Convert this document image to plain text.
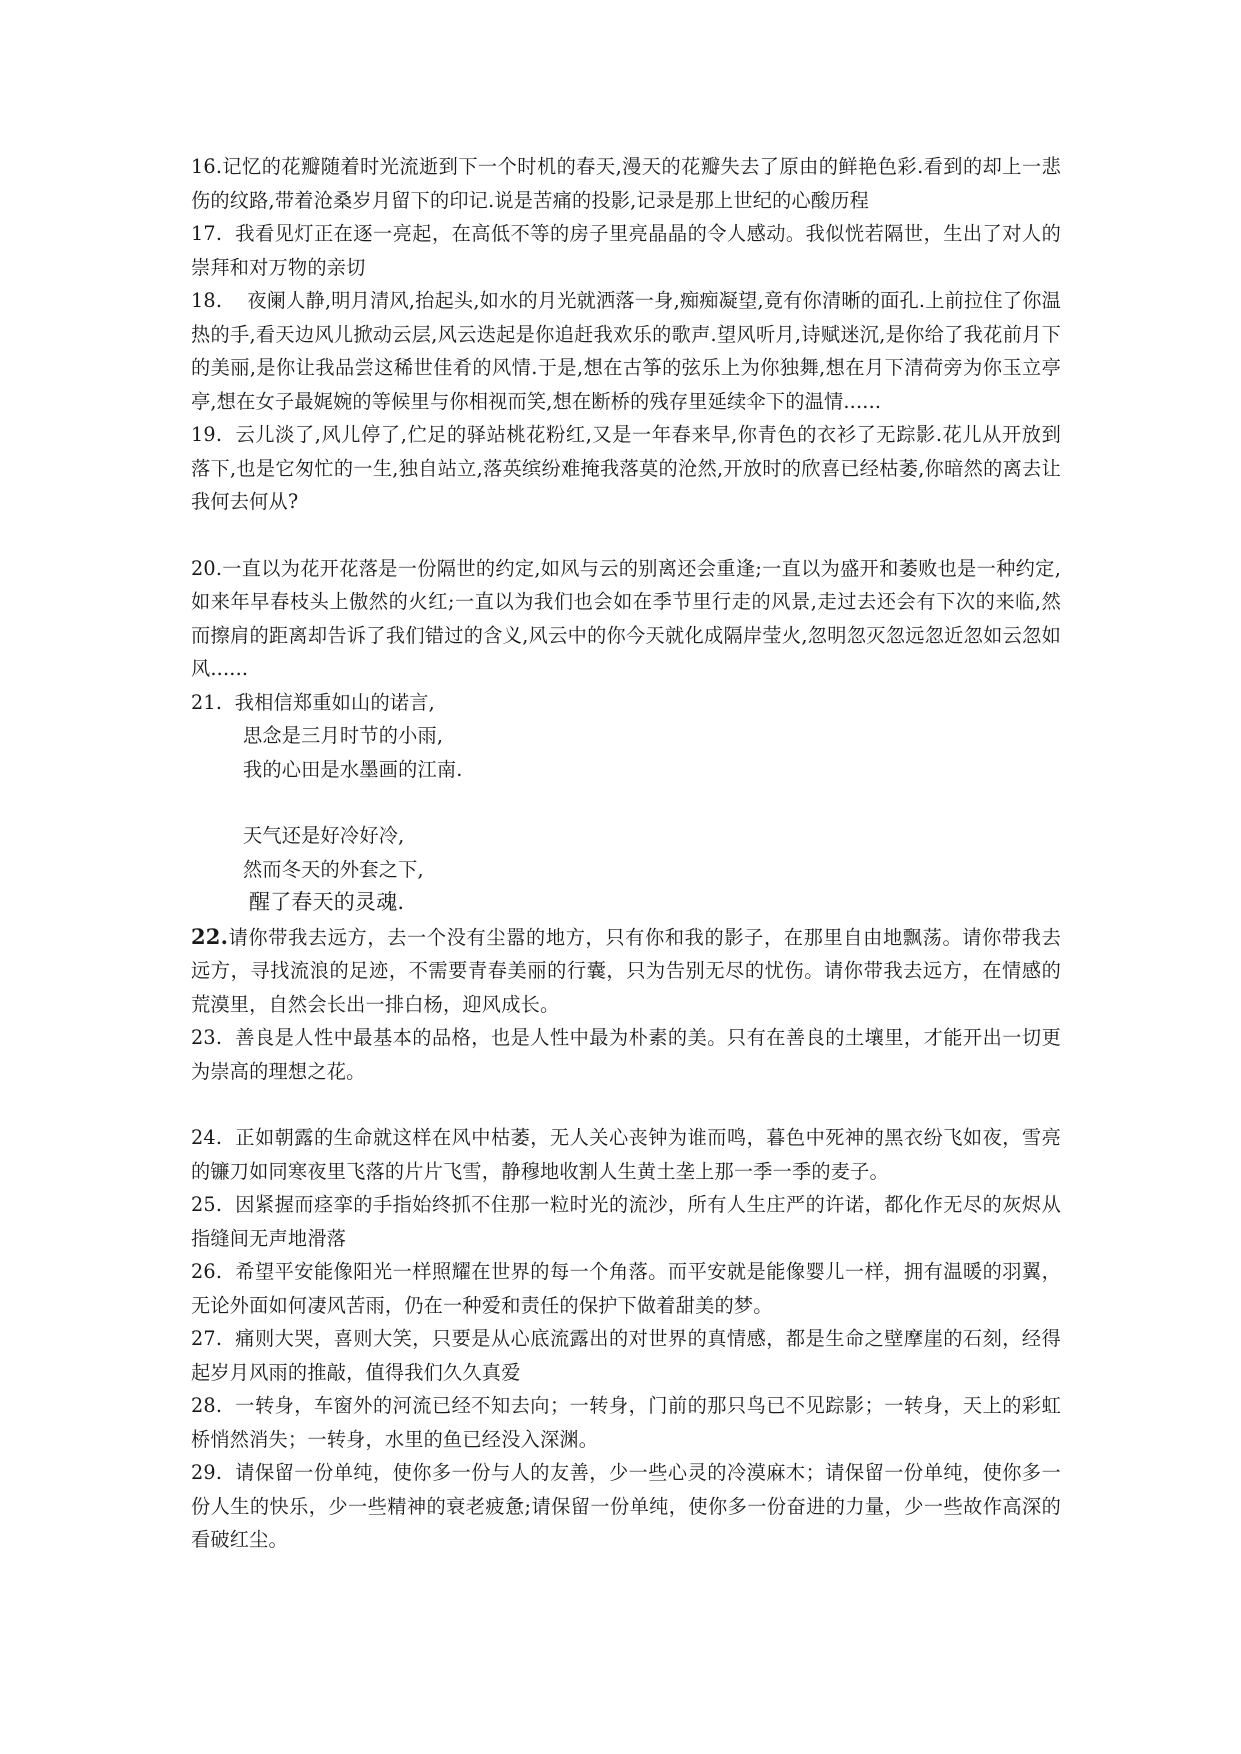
16.记忆的花瓣随着时光流逝到下一个时机的春天,漫天的花瓣失去了原由的鲜艳色彩.看到的却上一悲伤的纹路,带着沧桑岁月留下的印记.说是苦痛的投影,记录是那上世纪的心酸历程

17. 我看见灯正在逐一亮起，在高低不等的房子里亮晶晶的令人感动。我似恍若隔世，生出了对人的崇拜和对万物的亲切

18. 夜阑人静,明月清风,抬起头,如水的月光就洒落一身,痴痴凝望,竟有你清晰的面孔.上前拉住了你温热的手,看天边风儿掀动云层,风云迭起是你追赶我欢乐的歌声.望风听月,诗赋迷沉,是你给了我花前月下的美丽,是你让我品尝这稀世佳肴的风情.于是,想在古筝的弦乐上为你独舞,想在月下清荷旁为你玉立亭亭,想在女子最娓婉的等候里与你相视而笑,想在断桥的残存里延续伞下的温情......

19. 云儿淡了,风儿停了,伫足的驿站桃花粉红,又是一年春来早,你青色的衣衫了无踪影.花儿从开放到落下,也是它匆忙的一生,独自站立,落英缤纷难掩我落莫的沧然,开放时的欣喜已经枯萎,你暗然的离去让我何去何从?

20.一直以为花开花落是一份隔世的约定,如风与云的别离还会重逢;一直以为盛开和萎败也是一种约定,如来年早春枝头上傲然的火红;一直以为我们也会如在季节里行走的风景,走过去还会有下次的来临,然而擦肩的距离却告诉了我们错过的含义,风云中的你今天就化成隔岸莹火,忽明忽灭忽远忽近忽如云忽如风......

21. 我相信郑重如山的诺言,

思念是三月时节的小雨,

我的心田是水墨画的江南.

天气还是好冷好冷,

然而冬天的外套之下,

醒了春天的灵魂.

22.请你带我去远方，去一个没有尘嚣的地方，只有你和我的影子，在那里自由地飘荡。请你带我去远方，寻找流浪的足迹，不需要青春美丽的行囊，只为告别无尽的忧伤。请你带我去远方，在情感的荒漠里，自然会长出一排白杨，迎风成长。

23. 善良是人性中最基本的品格，也是人性中最为朴素的美。只有在善良的土壤里，才能开出一切更为崇高的理想之花。

24. 正如朝露的生命就这样在风中枯萎，无人关心丧钟为谁而鸣，暮色中死神的黑衣纷飞如夜，雪亮的镰刀如同寒夜里飞落的片片飞雪，静穆地收割人生黄土垄上那一季一季的麦子。

25. 因紧握而痉挛的手指始终抓不住那一粒时光的流沙，所有人生庄严的许诺，都化作无尽的灰烬从指缝间无声地滑落

26. 希望平安能像阳光一样照耀在世界的每一个角落。而平安就是能像婴儿一样，拥有温暖的羽翼，无论外面如何凄风苦雨，仍在一种爱和责任的保护下做着甜美的梦。

27. 痛则大哭，喜则大笑，只要是从心底流露出的对世界的真情感，都是生命之壁摩崖的石刻，经得起岁月风雨的推敲，值得我们久久真爱

28. 一转身，车窗外的河流已经不知去向；一转身，门前的那只鸟已不见踪影；一转身，天上的彩虹桥悄然消失；一转身，水里的鱼已经没入深渊。

29. 请保留一份单纯，使你多一份与人的友善，少一些心灵的冷漠麻木；请保留一份单纯，使你多一份人生的快乐，少一些精神的衰老疲惫;请保留一份单纯，使你多一份奋进的力量，少一些故作高深的看破红尘。
